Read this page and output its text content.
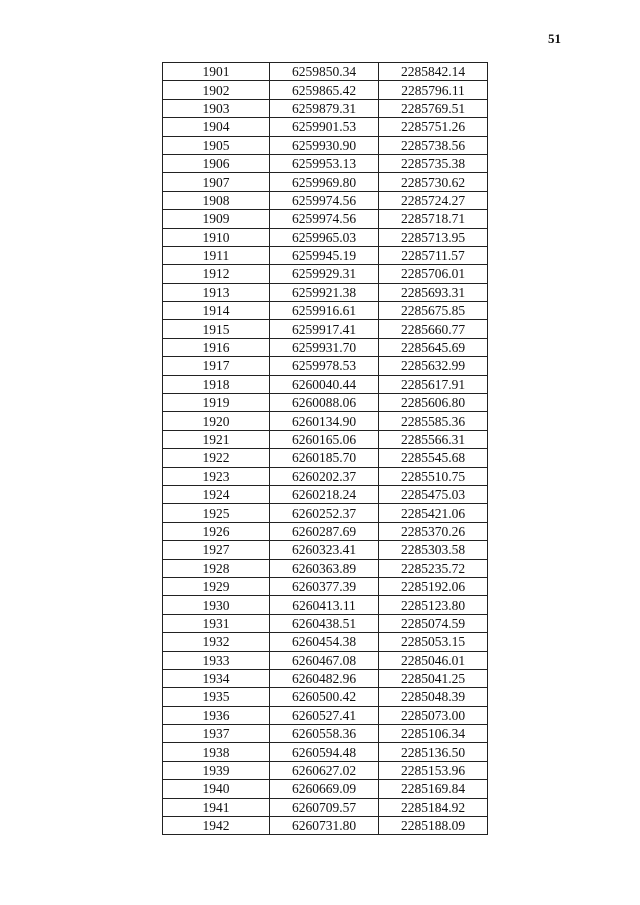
51
1901	6259850.34	2285842.14
1902	6259865.42	2285796.11
1903	6259879.31	2285769.51
1904	6259901.53	2285751.26
1905	6259930.90	2285738.56
1906	6259953.13	2285735.38
1907	6259969.80	2285730.62
1908	6259974.56	2285724.27
1909	6259974.56	2285718.71
1910	6259965.03	2285713.95
1911	6259945.19	2285711.57
1912	6259929.31	2285706.01
1913	6259921.38	2285693.31
1914	6259916.61	2285675.85
1915	6259917.41	2285660.77
1916	6259931.70	2285645.69
1917	6259978.53	2285632.99
1918	6260040.44	2285617.91
1919	6260088.06	2285606.80
1920	6260134.90	2285585.36
1921	6260165.06	2285566.31
1922	6260185.70	2285545.68
1923	6260202.37	2285510.75
1924	6260218.24	2285475.03
1925	6260252.37	2285421.06
1926	6260287.69	2285370.26
1927	6260323.41	2285303.58
1928	6260363.89	2285235.72
1929	6260377.39	2285192.06
1930	6260413.11	2285123.80
1931	6260438.51	2285074.59
1932	6260454.38	2285053.15
1933	6260467.08	2285046.01
1934	6260482.96	2285041.25
1935	6260500.42	2285048.39
1936	6260527.41	2285073.00
1937	6260558.36	2285106.34
1938	6260594.48	2285136.50
1939	6260627.02	2285153.96
1940	6260669.09	2285169.84
1941	6260709.57	2285184.92
1942	6260731.80	2285188.09
